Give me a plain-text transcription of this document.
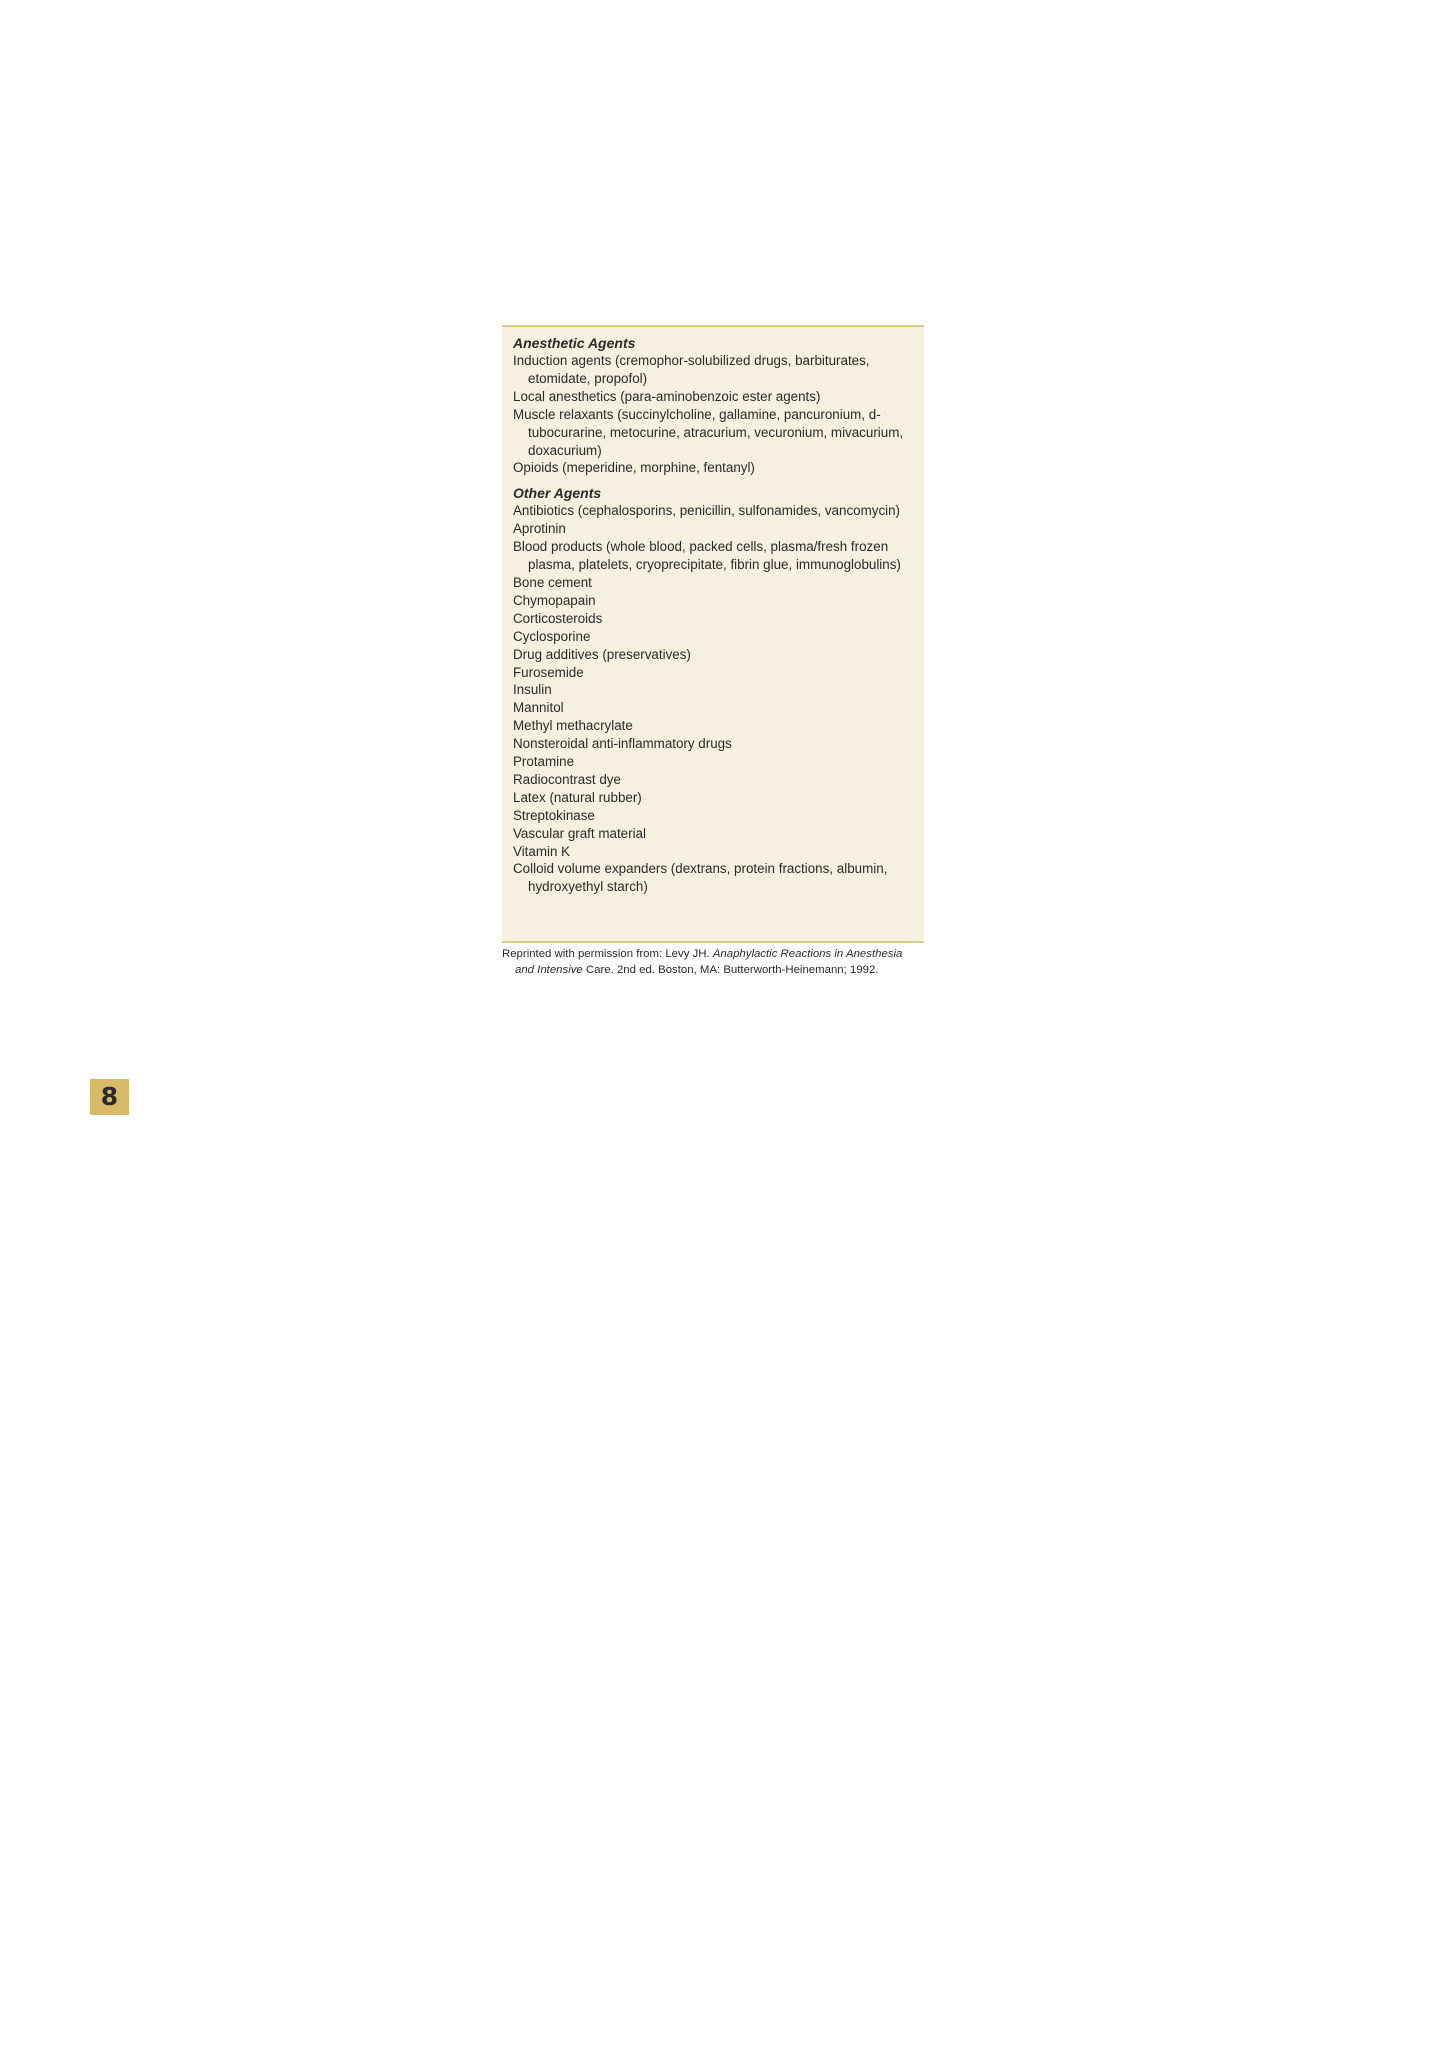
Anesthetic Agents

Induction agents (cremophor-solubilized drugs, barbiturates, etomidate, propofol)

Local anesthetics (para-aminobenzoic ester agents)

Muscle relaxants (succinylcholine, gallamine, pancuronium, d-tubocurarine, metocurine, atracurium, vecuronium, mivacurium, doxacurium)

Opioids (meperidine, morphine, fentanyl)

Other Agents

Antibiotics (cephalosporins, penicillin, sulfonamides, vancomycin)

Aprotinin

Blood products (whole blood, packed cells, plasma/fresh frozen plasma, platelets, cryoprecipitate, fibrin glue, immunoglobulins)

Bone cement

Chymopapain

Corticosteroids

Cyclosporine

Drug additives (preservatives)

Furosemide

Insulin

Mannitol

Methyl methacrylate

Nonsteroidal anti-inflammatory drugs

Protamine

Radiocontrast dye

Latex (natural rubber)

Streptokinase

Vascular graft material

Vitamin K

Colloid volume expanders (dextrans, protein fractions, albumin, hydroxyethyl starch)

Reprinted with permission from: Levy JH. Anaphylactic Reactions in Anesthesia and Intensive Care. 2nd ed. Boston, MA: Butterworth-Heinemann; 1992.

8
